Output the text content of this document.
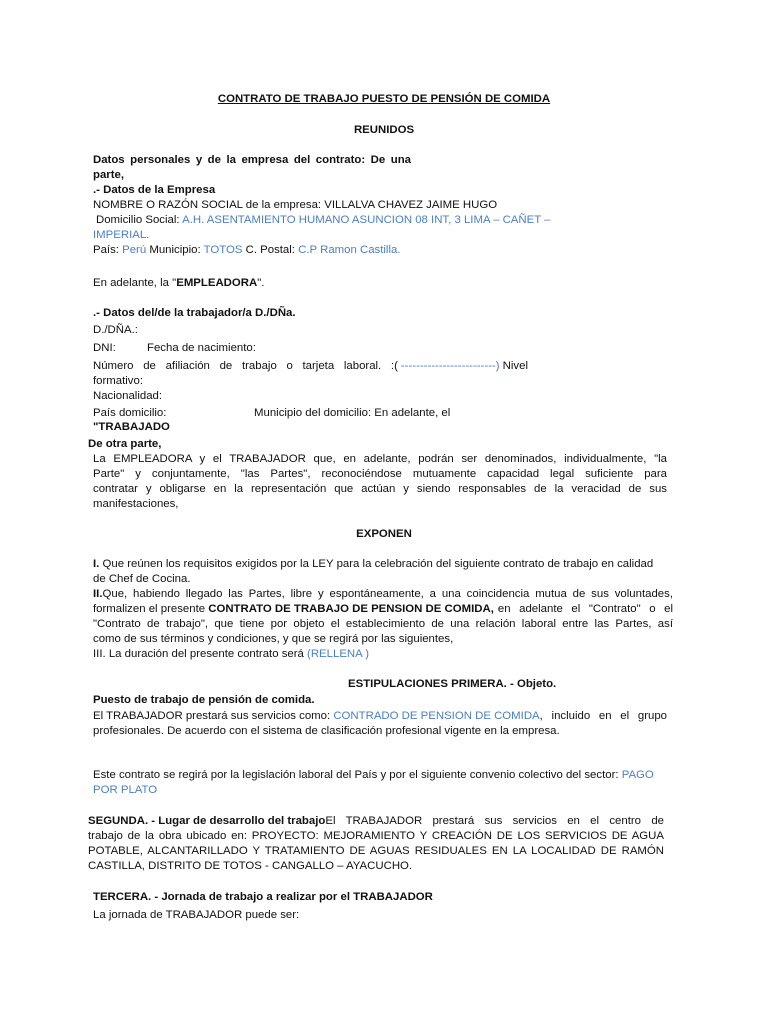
CONTRATO DE TRABAJO PUESTO DE PENSIÓN DE COMIDA
REUNIDOS
Datos personales y de la empresa del contrato: De una
parte,
.- Datos de la Empresa
NOMBRE O RAZÓN SOCIAL de la empresa: VILLALVA CHAVEZ JAIME HUGO
Domicilio Social: A.H. ASENTAMIENTO HUMANO ASUNCION 08 INT, 3 LIMA – CAÑET –
IMPERIAL.
País: Perú Municipio: TOTOS C. Postal: C.P Ramon Castilla.
En adelante, la "EMPLEADORA".
.- Datos del/de la trabajador/a D./DÑa.
D./DÑA.:
DNI:	Fecha de nacimiento:
Número de afiliación de trabajo o tarjeta laboral. :( -------------------------) Nivel
formativo:
Nacionalidad:
País domicilio:	Municipio del domicilio: En adelante, el
"TRABAJADO
De otra parte,
La EMPLEADORA y el TRABAJADOR que, en adelante, podrán ser denominados, individualmente, "la
Parte" y conjuntamente, "las Partes", reconociéndose mutuamente capacidad legal suficiente para
contratar y obligarse en la representación que actúan y siendo responsables de la veracidad de sus
manifestaciones,
EXPONEN
I. Que reúnen los requisitos exigidos por la LEY para la celebración del siguiente contrato de trabajo en calidad
de Chef de Cocina.
II. Que, habiendo llegado las Partes, libre y espontáneamente, a una coincidencia mutua de sus voluntades,
formalizen el presente CONTRATO DE TRABAJO DE PENSION DE COMIDA, en adelante el "Contrato" o el
"Contrato de trabajo", que tiene por objeto el establecimiento de una relación laboral entre las Partes, así
como de sus términos y condiciones, y que se regirá por las siguientes,
III. La duración del presente contrato será (RELLENA )
ESTIPULACIONES PRIMERA. - Objeto.
Puesto de trabajo de pensión de comida.
El TRABAJADOR prestará sus servicios como: CONTRADO DE PENSION DE COMIDA , incluido en el grupo
profesionales. De acuerdo con el sistema de clasificación profesional vigente en la empresa.
Este contrato se regirá por la legislación laboral del País y por el siguiente convenio colectivo del sector: PAGO
POR PLATO
SEGUNDA. - Lugar de desarrollo del trabajo El TRABAJADOR prestará sus servicios en el centro de
trabajo de la obra ubicado en: PROYECTO: MEJORAMIENTO Y CREACIÓN DE LOS SERVICIOS DE AGUA
POTABLE, ALCANTARILLADO Y TRATAMIENTO DE AGUAS RESIDUALES EN LA LOCALIDAD DE RAMÓN
CASTILLA, DISTRITO DE TOTOS - CANGALLO – AYACUCHO.
TERCERA. - Jornada de trabajo a realizar por el TRABAJADOR
La jornada de TRABAJADOR puede ser:
